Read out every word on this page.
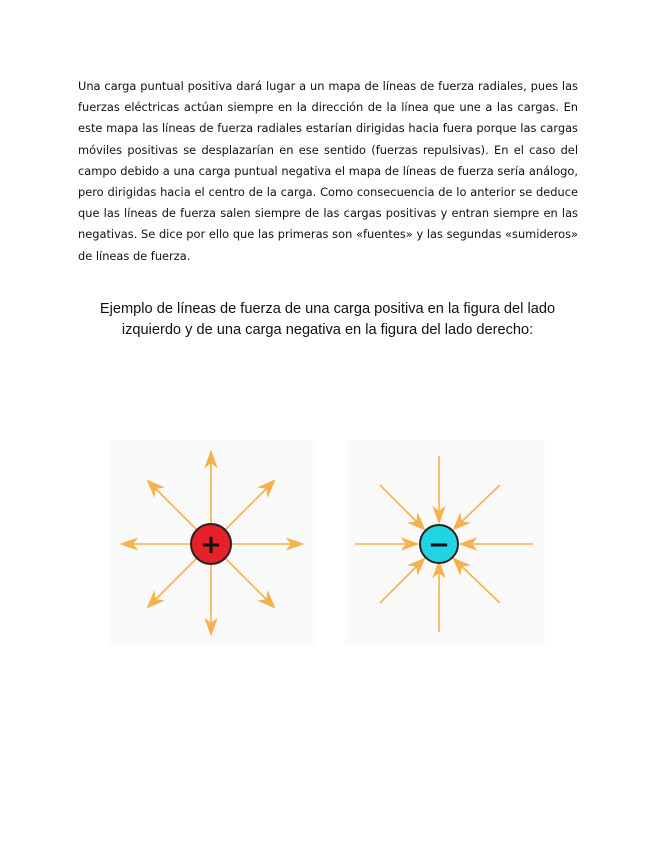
Una carga puntual positiva dará lugar a un mapa de líneas de fuerza radiales, pues las fuerzas eléctricas actúan siempre en la dirección de la línea que une a las cargas. En este mapa las líneas de fuerza radiales estarían dirigidas hacia fuera porque las cargas móviles positivas se desplazarían en ese sentido (fuerzas repulsivas). En el caso del campo debido a una carga puntual negativa el mapa de líneas de fuerza sería análogo, pero dirigidas hacia el centro de la carga. Como consecuencia de lo anterior se deduce que las líneas de fuerza salen siempre de las cargas positivas y entran siempre en las negativas. Se dice por ello que las primeras son «fuentes» y las segundas «sumideros» de líneas de fuerza.

Ejemplo de líneas de fuerza de una carga positiva en la figura del lado izquierdo y de una carga negativa en la figura del lado derecho:

+	−
